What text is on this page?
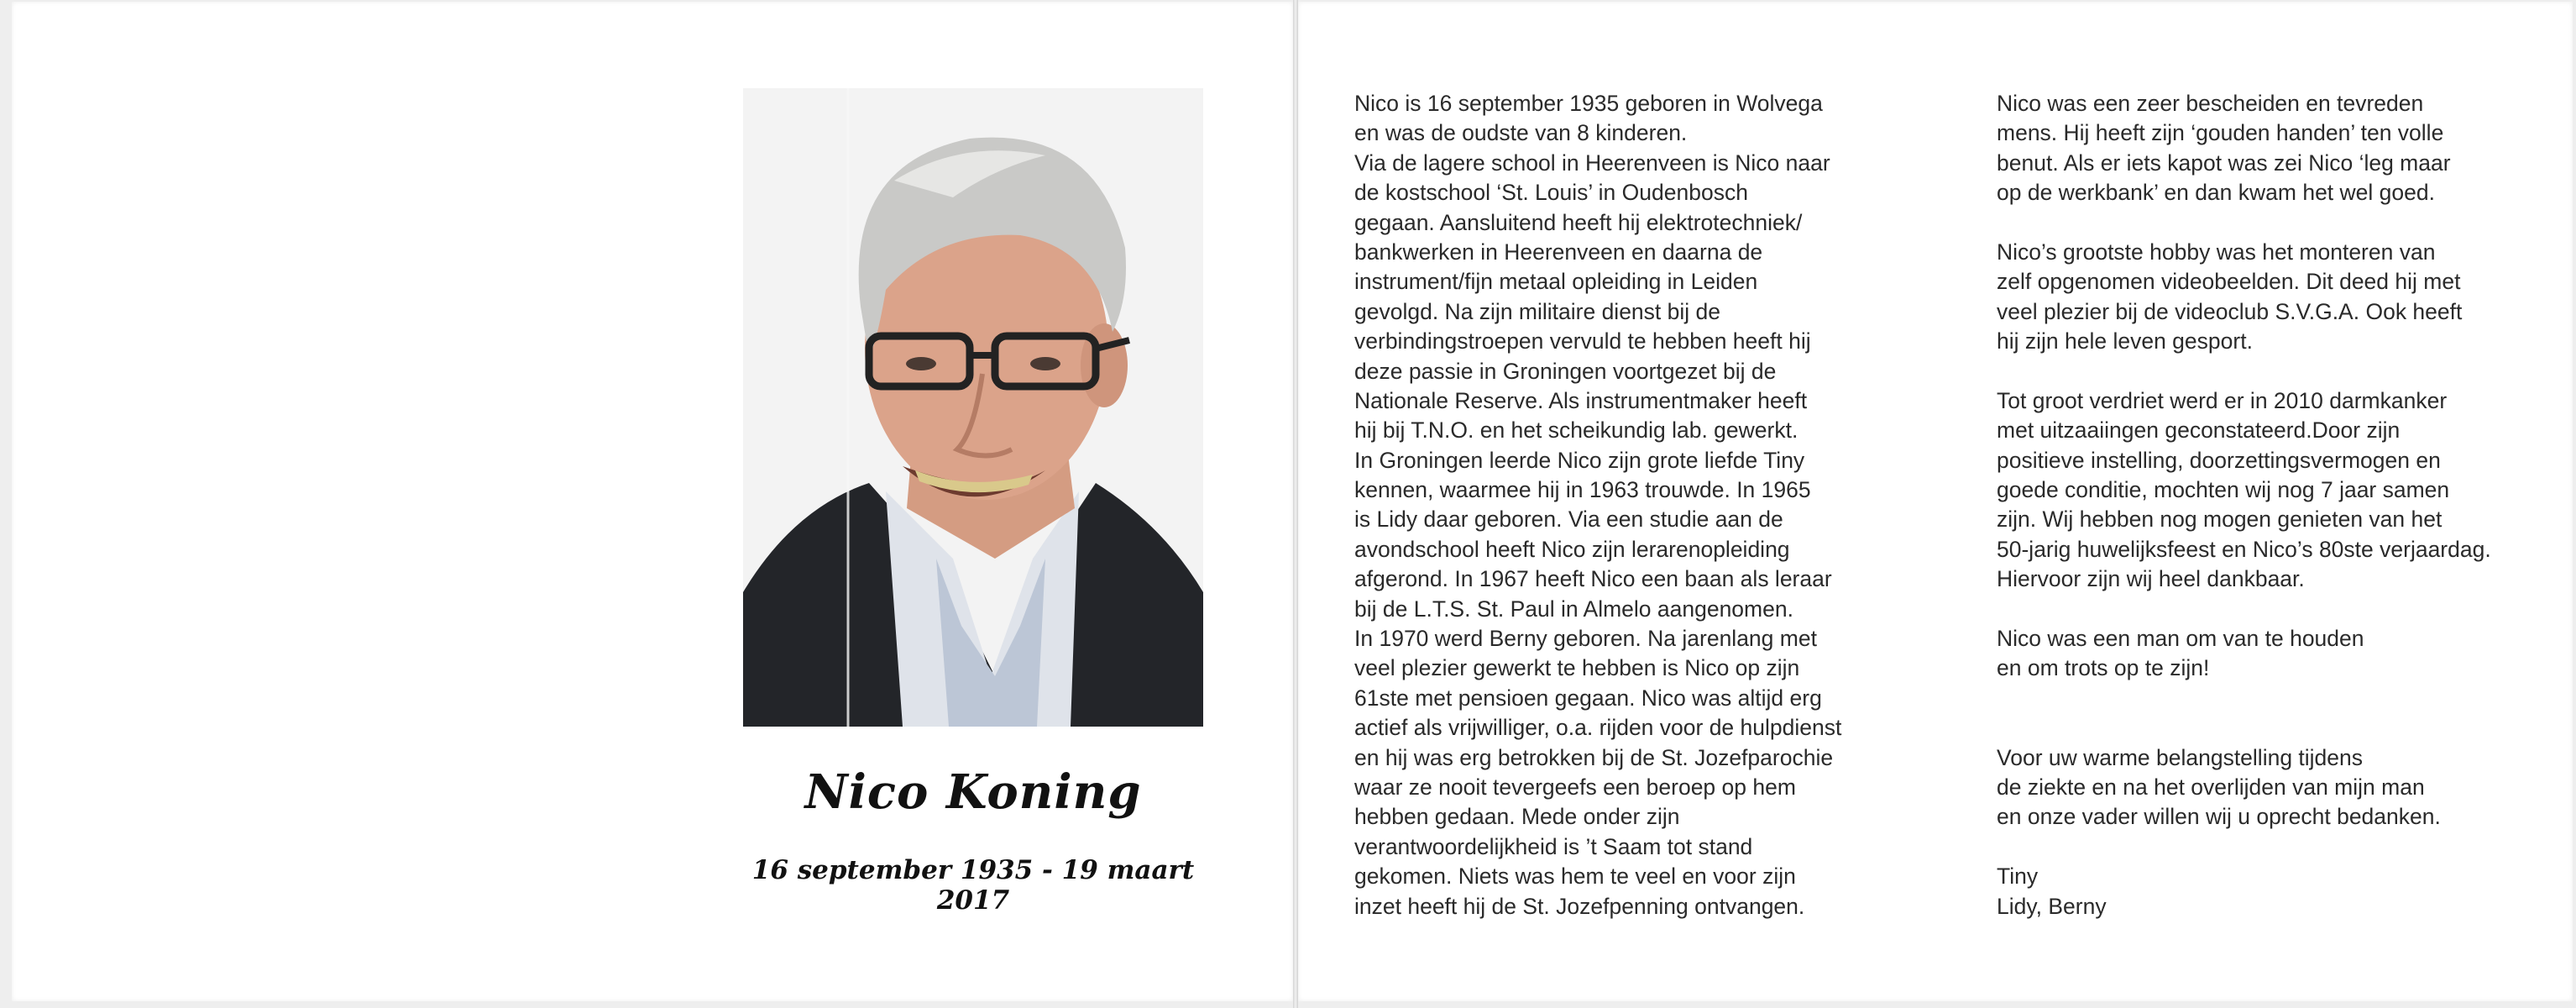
Nico Koning
16 september 1935 - 19 maart 2017
Nico is 16 september 1935 geboren in Wolvega
en was de oudste van 8 kinderen.
Via de lagere school in Heerenveen is Nico naar
de kostschool ‘St. Louis’ in Oudenbosch
gegaan. Aansluitend heeft hij elektrotechniek/
bankwerken in Heerenveen en daarna de
instrument/fijn metaal opleiding in Leiden
gevolgd. Na zijn militaire dienst bij de
verbindingstroepen vervuld te hebben heeft hij
deze passie in Groningen voortgezet bij de
Nationale Reserve. Als instrumentmaker heeft
hij bij T.N.O. en het scheikundig lab. gewerkt.
In Groningen leerde Nico zijn grote liefde Tiny
kennen, waarmee hij in 1963 trouwde. In 1965
is Lidy daar geboren. Via een studie aan de
avondschool heeft Nico zijn lerarenopleiding
afgerond. In 1967 heeft Nico een baan als leraar
bij de L.T.S. St. Paul in Almelo aangenomen.
In 1970 werd Berny geboren. Na jarenlang met
veel plezier gewerkt te hebben is Nico op zijn
61ste met pensioen gegaan. Nico was altijd erg
actief als vrijwilliger, o.a. rijden voor de hulpdienst
en hij was erg betrokken bij de St. Jozefparochie
waar ze nooit tevergeefs een beroep op hem
hebben gedaan. Mede onder zijn
verantwoordelijkheid is ’t Saam tot stand
gekomen. Niets was hem te veel en voor zijn
inzet heeft hij de St. Jozefpenning ontvangen.
Nico was een zeer bescheiden en tevreden
mens. Hij heeft zijn ‘gouden handen’ ten volle
benut. Als er iets kapot was zei Nico ‘leg maar
op de werkbank’ en dan kwam het wel goed.
Nico’s grootste hobby was het monteren van
zelf opgenomen videobeelden. Dit deed hij met
veel plezier bij de videoclub S.V.G.A. Ook heeft
hij zijn hele leven gesport.
Tot groot verdriet werd er in 2010 darmkanker
met uitzaaiingen geconstateerd.Door zijn
positieve instelling, doorzettingsvermogen en
goede conditie, mochten wij nog 7 jaar samen
zijn. Wij hebben nog mogen genieten van het
50-jarig huwelijksfeest en Nico’s 80ste verjaardag.
Hiervoor zijn wij heel dankbaar.
Nico was een man om van te houden
en om trots op te zijn!
Voor uw warme belangstelling tijdens
de ziekte en na het overlijden van mijn man
en onze vader willen wij u oprecht bedanken.
Tiny
Lidy, Berny
